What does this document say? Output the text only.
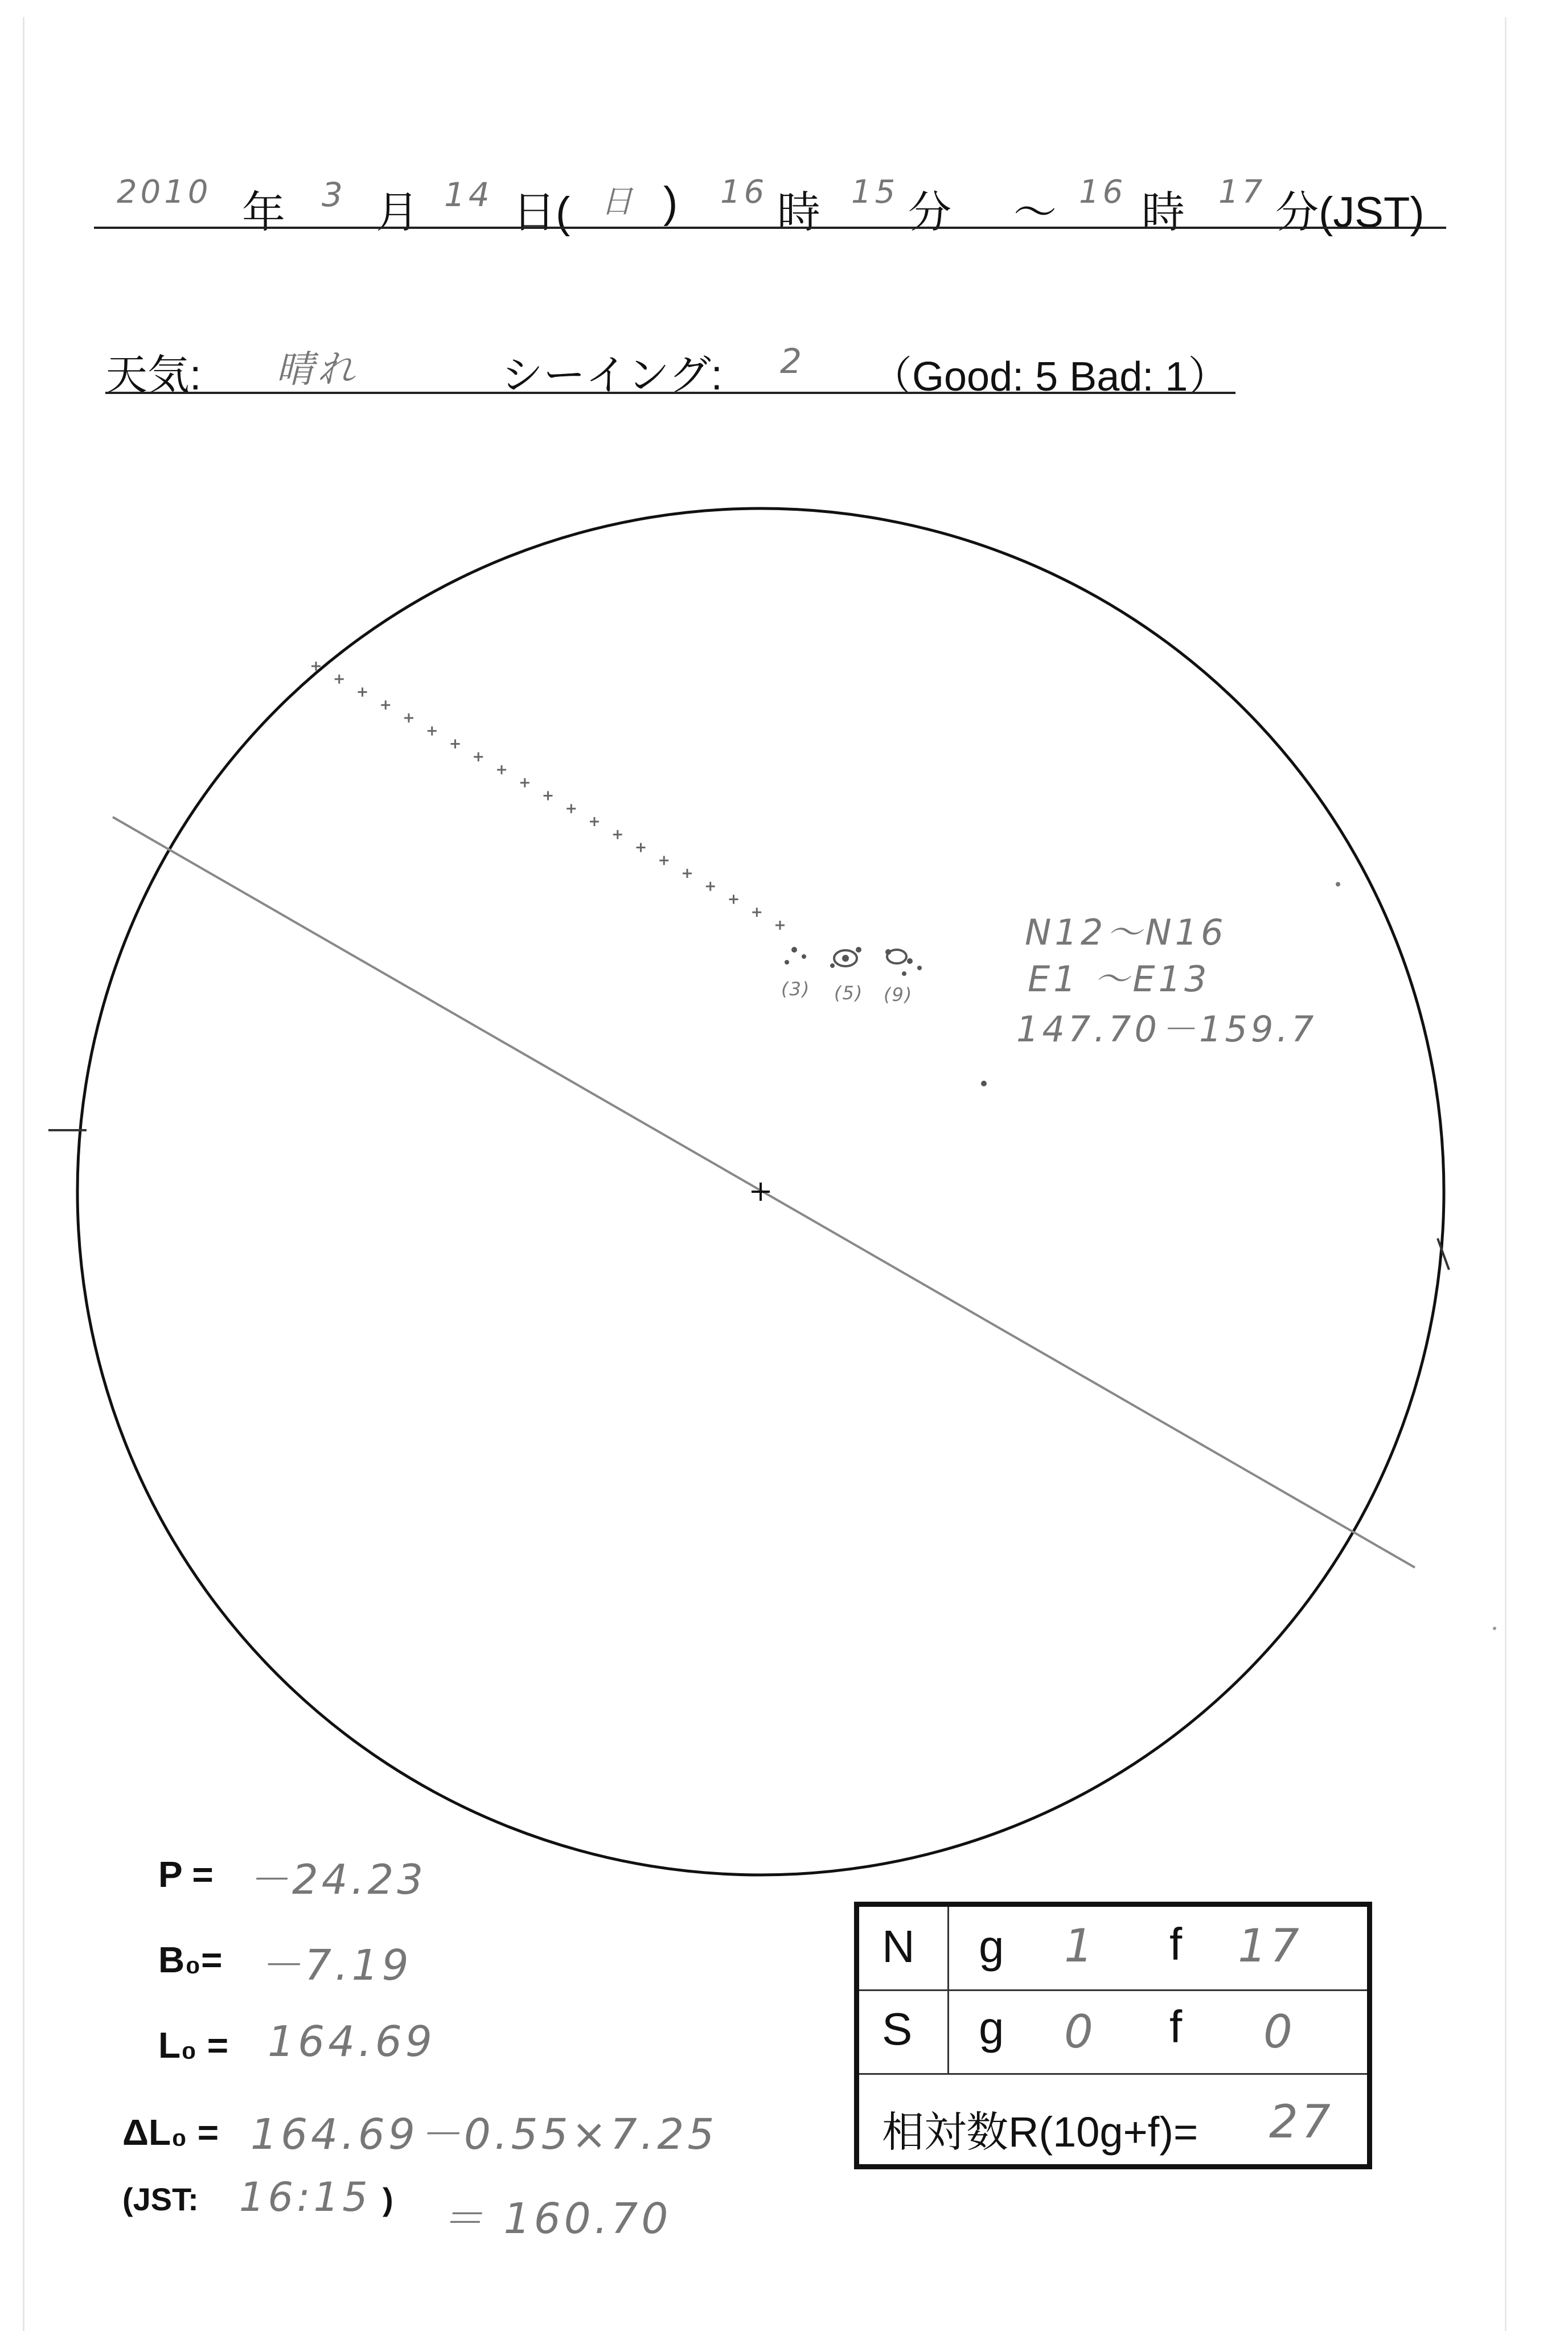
2010 年 3 月 14 日( 日 ) 16 時 15 分 ～ 16 時 17 分(JST)
天気: 晴れ	シーイング: 2 （Good: 5 Bad: 1）
(3) (5) (9)
N12～N16
E1 ～E13
147.70－159.7
P = －24.23
B₀= －7.19
L₀ = 164.69
ΔL₀ = 164.69－0.55×7.25
(JST: 16:15 ) ＝ 160.70
N g 1 f 17
S g 0 f 0
相対数R(10g+f)= 27
